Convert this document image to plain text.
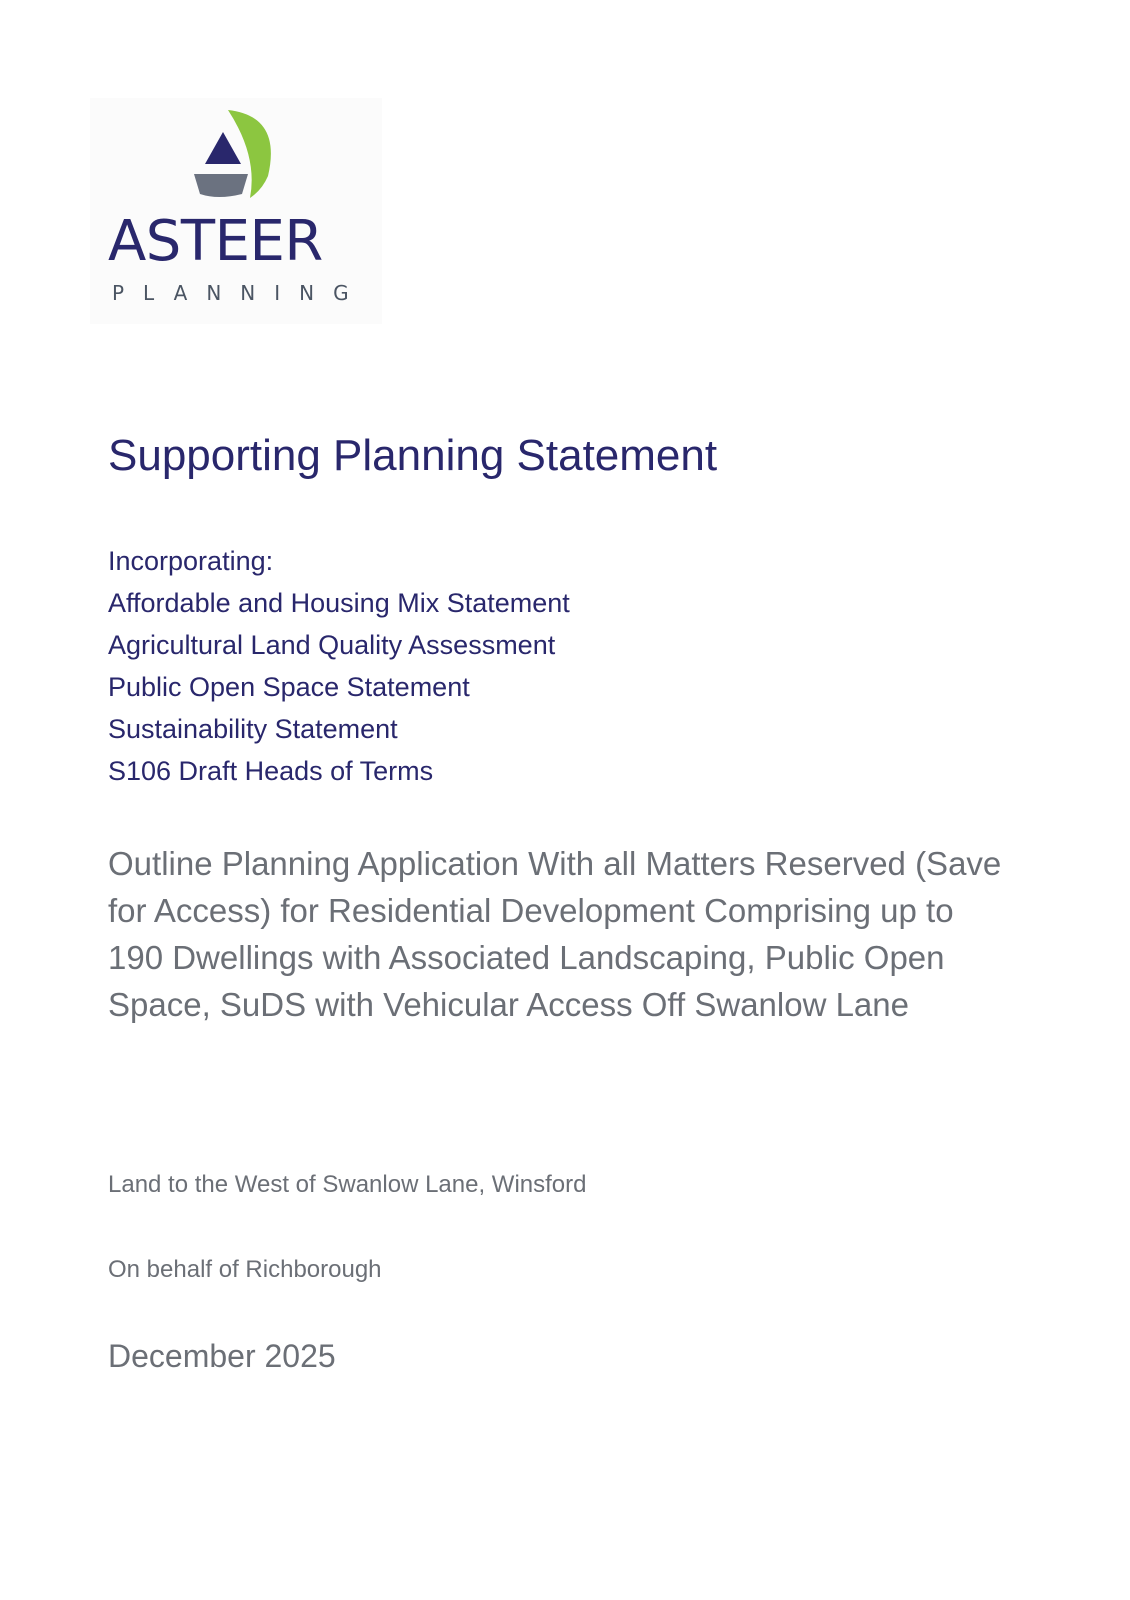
ASTEER
PLANNING
Supporting Planning Statement
Incorporating:
Affordable and Housing Mix Statement
Agricultural Land Quality Assessment
Public Open Space Statement
Sustainability Statement
S106 Draft Heads of Terms

Outline Planning Application With all Matters Reserved (Save for Access) for Residential Development Comprising up to 190 Dwellings with Associated Landscaping, Public Open Space, SuDS with Vehicular Access Off Swanlow Lane

Land to the West of Swanlow Lane, Winsford

On behalf of Richborough

December 2025
